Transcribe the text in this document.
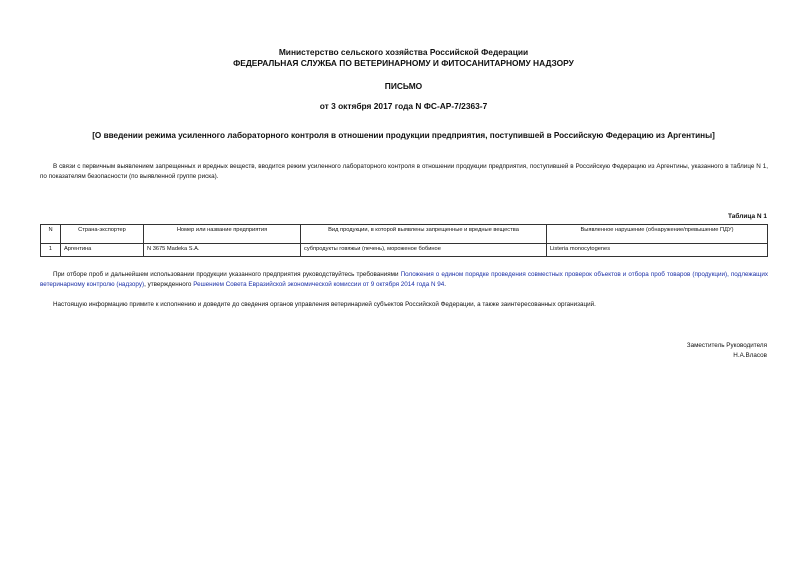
Министерство сельского хозяйства Российской Федерации
ФЕДЕРАЛЬНАЯ СЛУЖБА ПО ВЕТЕРИНАРНОМУ И ФИТОСАНИТАРНОМУ НАДЗОРУ
ПИСЬМО
от 3 октября 2017 года N ФС-АР-7/2363-7
[О введении режима усиленного лабораторного контроля в отношении продукции предприятия, поступившей в Российскую Федерацию из Аргентины]
В связи с первичным выявлением запрещенных и вредных веществ, вводится режим усиленного лабораторного контроля в отношении продукции предприятия, поступившей в Российскую Федерацию из Аргентины, указанного в таблице N 1, по показателям безопасности (по выявленной группе риска).
Таблица N 1
N	Страна-экспортер	Номер или название предприятия	Вид продукции, в которой выявлены запрещенные и вредные вещества	Выявленное нарушение (обнаружение/превышение ПДУ)
1	Аргентина	N 3675 Madeka S.A.	субпродукты говяжьи (печень), мороженое бобиное	Listeria monocytogenes
При отборе проб и дальнейшем использовании продукции указанного предприятия руководствуйтесь требованиями Положения о едином порядке проведения совместных проверок объектов и отбора проб товаров (продукции), подлежащих ветеринарному контролю (надзору), утвержденного Решением Совета Евразийской экономической комиссии от 9 октября 2014 года N 94.
Настоящую информацию примите к исполнению и доведите до сведения органов управления ветеринарией субъектов Российской Федерации, а также заинтересованных организаций.
Заместитель Руководителя
Н.А.Власов
